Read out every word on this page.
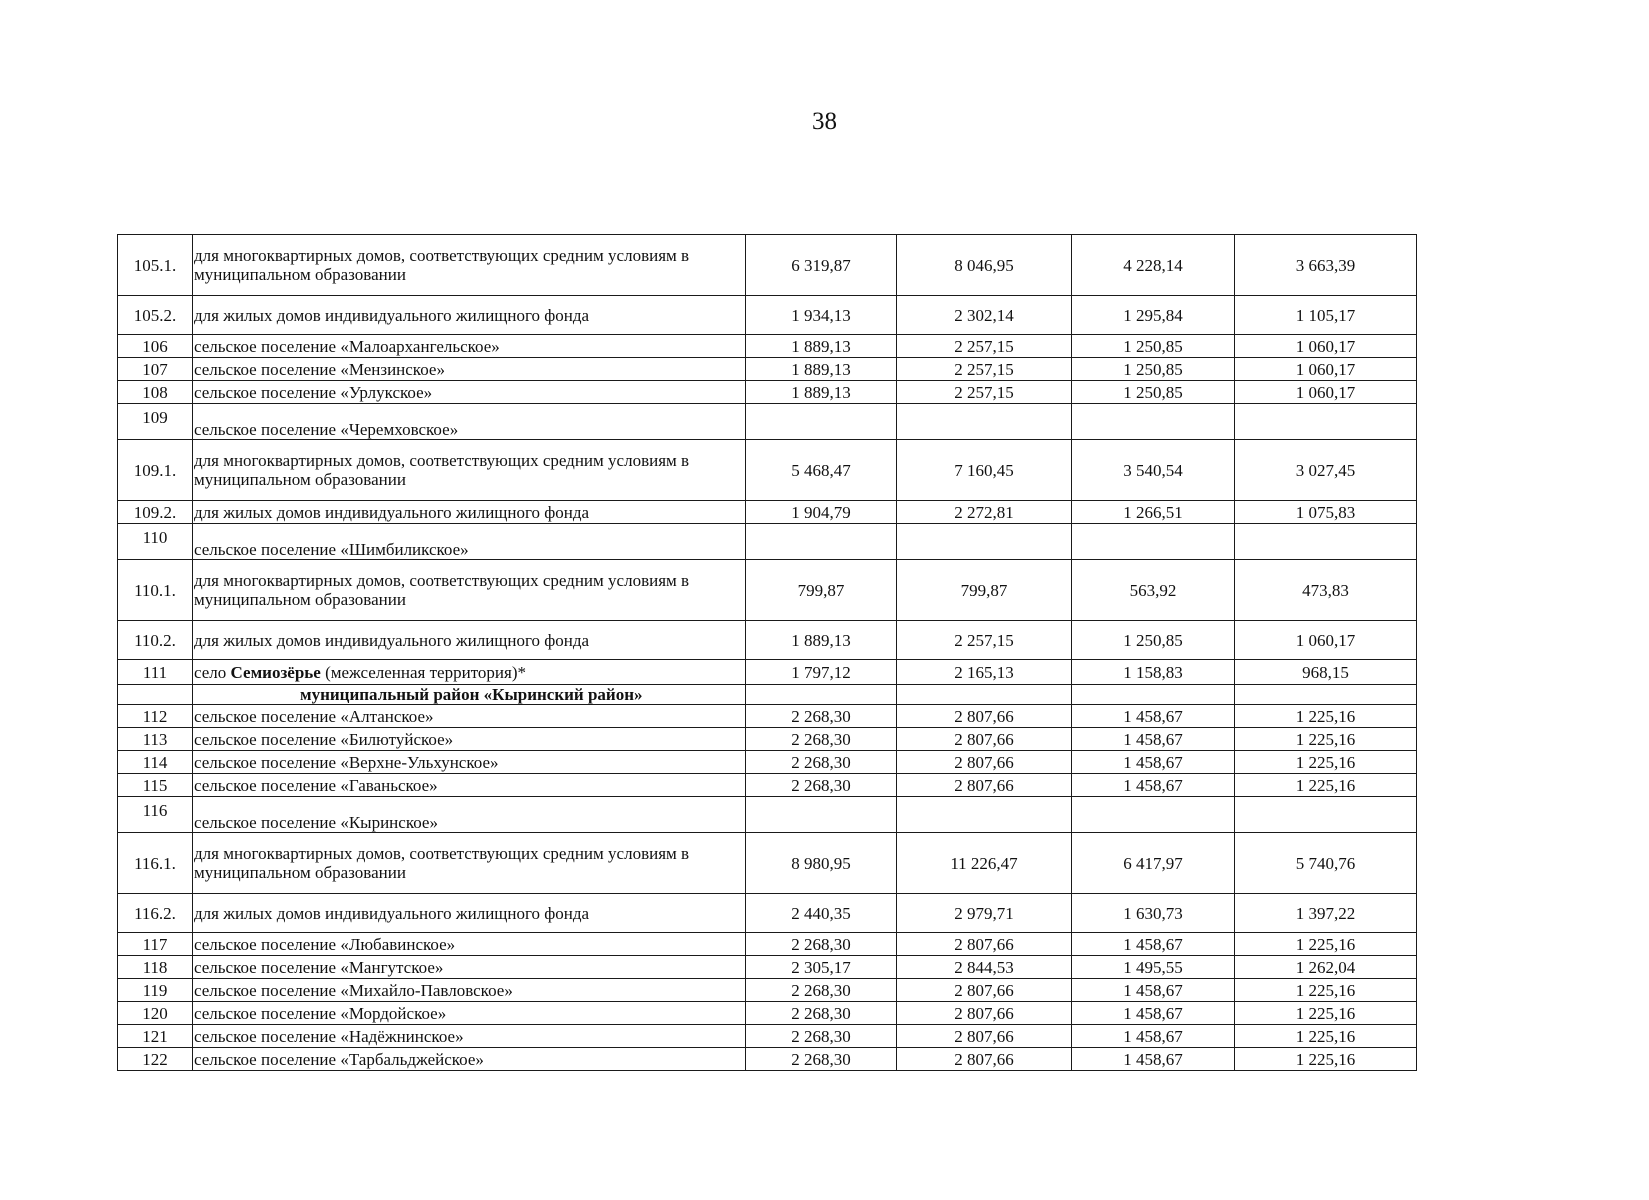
38
105.1.	для многоквартирных домов, соответствующих средним условиям в муниципальном образовании	6 319,87	8 046,95	4 228,14	3 663,39
105.2.	для жилых домов индивидуального жилищного фонда	1 934,13	2 302,14	1 295,84	1 105,17
106	сельское поселение «Малоархангельское»	1 889,13	2 257,15	1 250,85	1 060,17
107	сельское поселение «Мензинское»	1 889,13	2 257,15	1 250,85	1 060,17
108	сельское поселение «Урлукское»	1 889,13	2 257,15	1 250,85	1 060,17
109	сельское поселение «Черемховское»				
109.1.	для многоквартирных домов, соответствующих средним условиям в муниципальном образовании	5 468,47	7 160,45	3 540,54	3 027,45
109.2.	для жилых домов индивидуального жилищного фонда	1 904,79	2 272,81	1 266,51	1 075,83
110	сельское поселение «Шимбиликское»				
110.1.	для многоквартирных домов, соответствующих средним условиям в муниципальном образовании	799,87	799,87	563,92	473,83
110.2.	для жилых домов индивидуального жилищного фонда	1 889,13	2 257,15	1 250,85	1 060,17
111	село Семиозёрье (межселенная территория)*	1 797,12	2 165,13	1 158,83	968,15
	муниципальный район «Кыринский район»				
112	сельское поселение «Алтанское»	2 268,30	2 807,66	1 458,67	1 225,16
113	сельское поселение «Билютуйское»	2 268,30	2 807,66	1 458,67	1 225,16
114	сельское поселение «Верхне-Ульхунское»	2 268,30	2 807,66	1 458,67	1 225,16
115	сельское поселение «Гаваньское»	2 268,30	2 807,66	1 458,67	1 225,16
116	сельское поселение «Кыринское»				
116.1.	для многоквартирных домов, соответствующих средним условиям в муниципальном образовании	8 980,95	11 226,47	6 417,97	5 740,76
116.2.	для жилых домов индивидуального жилищного фонда	2 440,35	2 979,71	1 630,73	1 397,22
117	сельское поселение «Любавинское»	2 268,30	2 807,66	1 458,67	1 225,16
118	сельское поселение «Мангутское»	2 305,17	2 844,53	1 495,55	1 262,04
119	сельское поселение «Михайло-Павловское»	2 268,30	2 807,66	1 458,67	1 225,16
120	сельское поселение «Мордойское»	2 268,30	2 807,66	1 458,67	1 225,16
121	сельское поселение «Надёжнинское»	2 268,30	2 807,66	1 458,67	1 225,16
122	сельское поселение «Тарбальджейское»	2 268,30	2 807,66	1 458,67	1 225,16
